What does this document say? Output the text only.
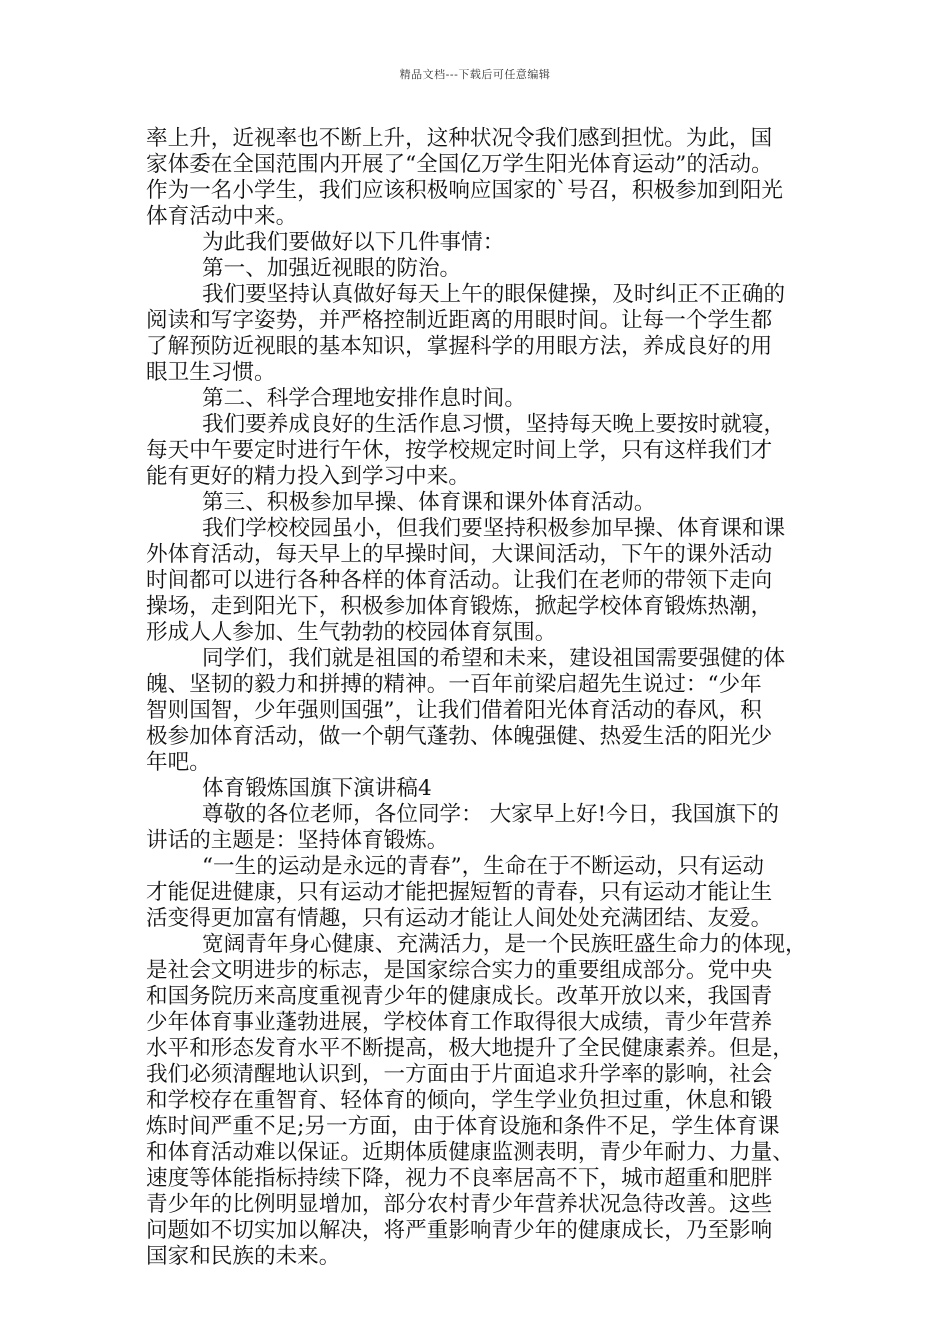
精品文档---下载后可任意编辑
率上升，近视率也不断上升，这种状况令我们感到担忧。为此，国
家体委在全国范围内开展了“全国亿万学生阳光体育运动”的活动。
作为一名小学生，我们应该积极响应国家的`号召，积极参加到阳光
体育活动中来。
为此我们要做好以下几件事情：
第一、加强近视眼的防治。
我们要坚持认真做好每天上午的眼保健操，及时纠正不正确的
阅读和写字姿势，并严格控制近距离的用眼时间。让每一个学生都
了解预防近视眼的基本知识，掌握科学的用眼方法，养成良好的用
眼卫生习惯。
第二、科学合理地安排作息时间。
我们要养成良好的生活作息习惯，坚持每天晚上要按时就寝，
每天中午要定时进行午休，按学校规定时间上学，只有这样我们才
能有更好的精力投入到学习中来。
第三、积极参加早操、体育课和课外体育活动。
我们学校校园虽小，但我们要坚持积极参加早操、体育课和课
外体育活动，每天早上的早操时间，大课间活动，下午的课外活动
时间都可以进行各种各样的体育活动。让我们在老师的带领下走向
操场，走到阳光下，积极参加体育锻炼，掀起学校体育锻炼热潮，
形成人人参加、生气勃勃的校园体育氛围。
同学们，我们就是祖国的希望和未来，建设祖国需要强健的体
魄、坚韧的毅力和拼搏的精神。一百年前梁启超先生说过：“少年
智则国智，少年强则国强”，让我们借着阳光体育活动的春风，积
极参加体育活动，做一个朝气蓬勃、体魄强健、热爱生活的阳光少
年吧。
体育锻炼国旗下演讲稿4
尊敬的各位老师，各位同学： 大家早上好!今日，我国旗下的
讲话的主题是：坚持体育锻炼。
“一生的运动是永远的青春”，生命在于不断运动，只有运动
才能促进健康，只有运动才能把握短暂的青春，只有运动才能让生
活变得更加富有情趣，只有运动才能让人间处处充满团结、友爱。
宽阔青年身心健康、充满活力，是一个民族旺盛生命力的体现，
是社会文明进步的标志，是国家综合实力的重要组成部分。党中央
和国务院历来高度重视青少年的健康成长。改革开放以来，我国青
少年体育事业蓬勃进展，学校体育工作取得很大成绩，青少年营养
水平和形态发育水平不断提高，极大地提升了全民健康素养。但是，
我们必须清醒地认识到，一方面由于片面追求升学率的影响，社会
和学校存在重智育、轻体育的倾向，学生学业负担过重，休息和锻
炼时间严重不足;另一方面，由于体育设施和条件不足，学生体育课
和体育活动难以保证。近期体质健康监测表明，青少年耐力、力量、
速度等体能指标持续下降，视力不良率居高不下，城市超重和肥胖
青少年的比例明显增加，部分农村青少年营养状况急待改善。这些
问题如不切实加以解决，将严重影响青少年的健康成长，乃至影响
国家和民族的未来。
